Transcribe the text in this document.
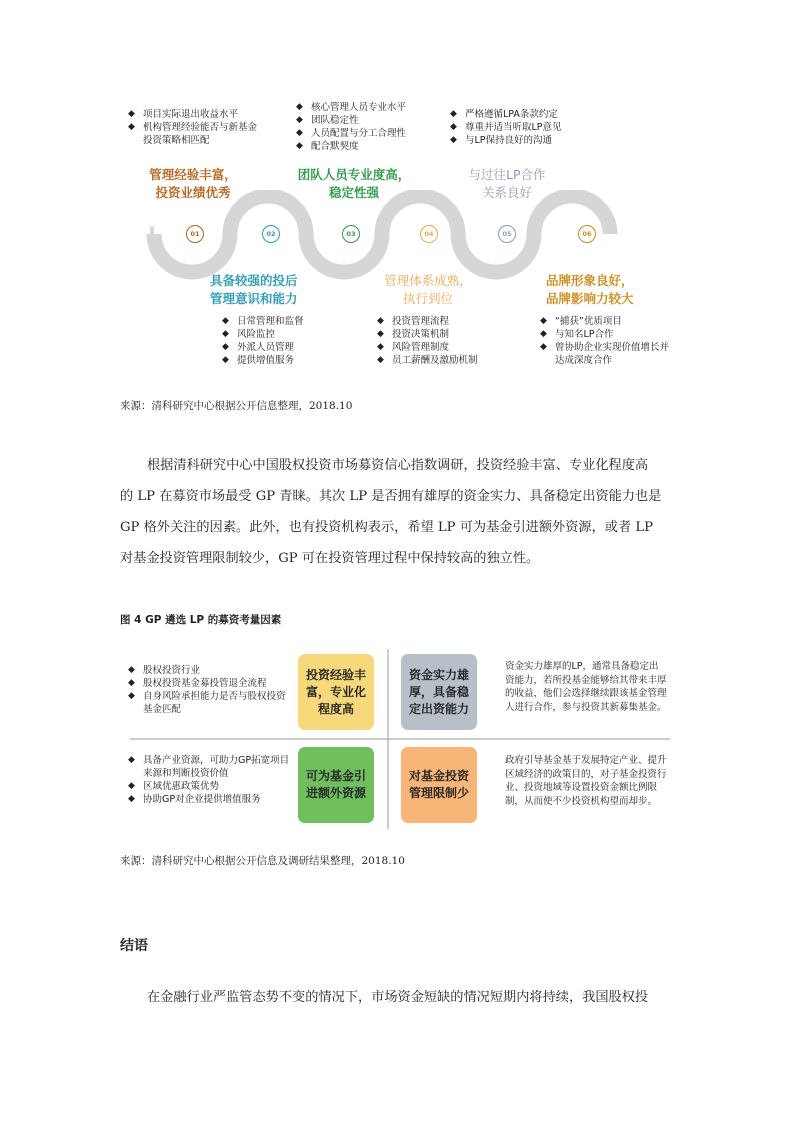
◆ 项目实际退出收益水平
◆ 机构管理经验能否与新基金投资策略相匹配
◆ 核心管理人员专业水平
◆ 团队稳定性
◆ 人员配置与分工合理性
◆ 配合默契度
◆ 严格遵循LPA条款约定
◆ 尊重并适当听取LP意见
◆ 与LP保持良好的沟通
管理经验丰富，
投资业绩优秀
团队人员专业度高，
稳定性强
与过往LP合作
关系良好
01	02	03	04	05	06
具备较强的投后
管理意识和能力
管理体系成熟，
执行到位
品牌形象良好，
品牌影响力较大
◆ 日常管理和监督
◆ 风险监控
◆ 外派人员管理
◆ 提供增值服务
◆ 投资管理流程
◆ 投资决策机制
◆ 风险管理制度
◆ 员工薪酬及激励机制
◆ “捕获”优质项目
◆ 与知名LP合作
◆ 曾协助企业实现价值增长并达成深度合作
来源：清科研究中心根据公开信息整理，2018.10

根据清科研究中心中国股权投资市场募资信心指数调研，投资经验丰富、专业化程度高

的 LP 在募资市场最受 GP 青睐。其次 LP 是否拥有雄厚的资金实力、具备稳定出资能力也是

GP 格外关注的因素。此外，也有投资机构表示，希望 LP 可为基金引进额外资源，或者 LP

对基金投资管理限制较少，GP 可在投资管理过程中保持较高的独立性。

图 4 GP 遴选 LP 的募资考量因素
◆ 股权投资行业
◆ 股权投资基金募投管退全流程
◆ 自身风险承担能力是否与股权投资基金匹配
◆ 具备产业资源，可助力GP拓宽项目来源和判断投资价值
◆ 区域优惠政策优势
◆ 协助GP对企业提供增值服务
投资经验丰富，专业化程度高
资金实力雄厚，具备稳定出资能力
可为基金引进额外资源
对基金投资管理限制少
资金实力雄厚的LP，通常具备稳定出资能力，若所投基金能够给其带来丰厚的收益，他们会选择继续跟该基金管理人进行合作，参与投资其新募集基金。
政府引导基金基于发展特定产业、提升区域经济的政策目的，对子基金投资行业、投资地域等设置投资金额比例限制，从而使不少投资机构望而却步。
来源：清科研究中心根据公开信息及调研结果整理，2018.10
结语

在金融行业严监管态势不变的情况下，市场资金短缺的情况短期内将持续，我国股权投
